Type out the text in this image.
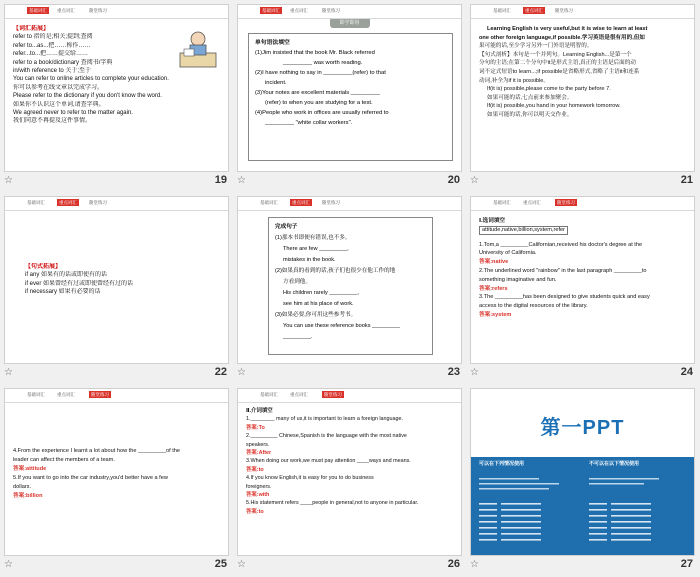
基础词汇	重点词汇	随堂练习

【词汇拓展】

refer to 指的是;相关;提到;查阅

refer to...as...把……称作……

refer...to...把……提交给……

refer to a book/dictionary 查阅书/字典

in/with reference to 关于;至于

You can refer to online articles to complete your education.

你可以参考在线文章以完成学习。

Please refer to the dictionary if you don't know the word.

如果你不认识这个单词,请查字典。

We agreed never to refer to the matter again.

我们同意不再提及这件事情。

☆	19
基础词汇	重点词汇	随堂练习
即学即用

单句语法填空

(1)Jim insisted that the book Mr. Black referred

_________ was worth reading.

(2)I have nothing to say in _________(refer) to that

incident.

(3)Your notes are excellent materials _________

(refer) to when you are studying for a test.

(4)People who work in offices are usually referred to

_________ "white collar workers".

☆	20
基础词汇	重点词汇	随堂练习

Learning English is very useful,but it is wise to learn at least

one other foreign language,if possible.学习英语是很有用的,但如

果可能的话,至少学习另外一门外语是明智的。

【句式剖析】本句是一个并列句。Learning English...是第一个

分句的主语;在第二个分句中it是形式主语,真正的主语是后面的动

词不定式短语to learn...;if possible是省略形式,省略了主语it和连系

动词,补全为if it is possible。

If(it is) possible,please come to the party before 7.

如果可能的话,七点前来参加聚会。

If(it is) possible,you hand in your homework tomorrow.

如果可能的话,你可以明天交作业。

☆	21
基础词汇	重点词汇	随堂练习

【句式拓展】

if any 如果有的话或即使有的话

if ever 如果曾经有过或即使曾经有过的话

if necessary 如果有必要的话

☆	22
基础词汇	重点词汇	随堂练习

完成句子

(1)那本书即便有错误,也不多。

There are few _________,

mistakes in the book.

(2)如果真的看到的话,孩子们也很少在他工作的地

方看到他。

His children rarely _________,

see him at his place of work.

(3)如果必要,你可用这些参考书。

You can use these reference books _________

_________.

☆	23
基础词汇	重点词汇	随堂练习

Ⅰ.选词填空

attitude,native,billion,system,refer

1.Tom,a _________Californian,received his doctor's degree at the

University of California.

答案:native

2.The underlined word "rainbow" in the last paragraph _________to

something imaginative and fun.

答案:refers

3.The _________has been designed to give students quick and easy

access to the digital resources of the library.

答案:system

☆	24
基础词汇	重点词汇	随堂练习

4.From the experience I learnt a lot about how the _________of the

leader can affect the members of a team.

答案:attitude

5.If you want to go into the car industry,you'd better have a few

dollars.

答案:billion

☆	25
基础词汇	重点词汇	随堂练习

Ⅱ.介词填空

1.________ many of us,it is important to learn a foreign language.

答案:To

2._________ Chinese,Spanish is the language with the most native

speakers.

答案:After

3.When doing our work,we must pay attention ____ways and means.

答案:to

4.If you know English,it is easy for you to do business

foreigners.

答案:with

5.His statement refers ____people in general,not to anyone in particular.

答案:to

☆	26
第一PPT
可以在下列情况使用	不可以在以下情况使用
☆	27
